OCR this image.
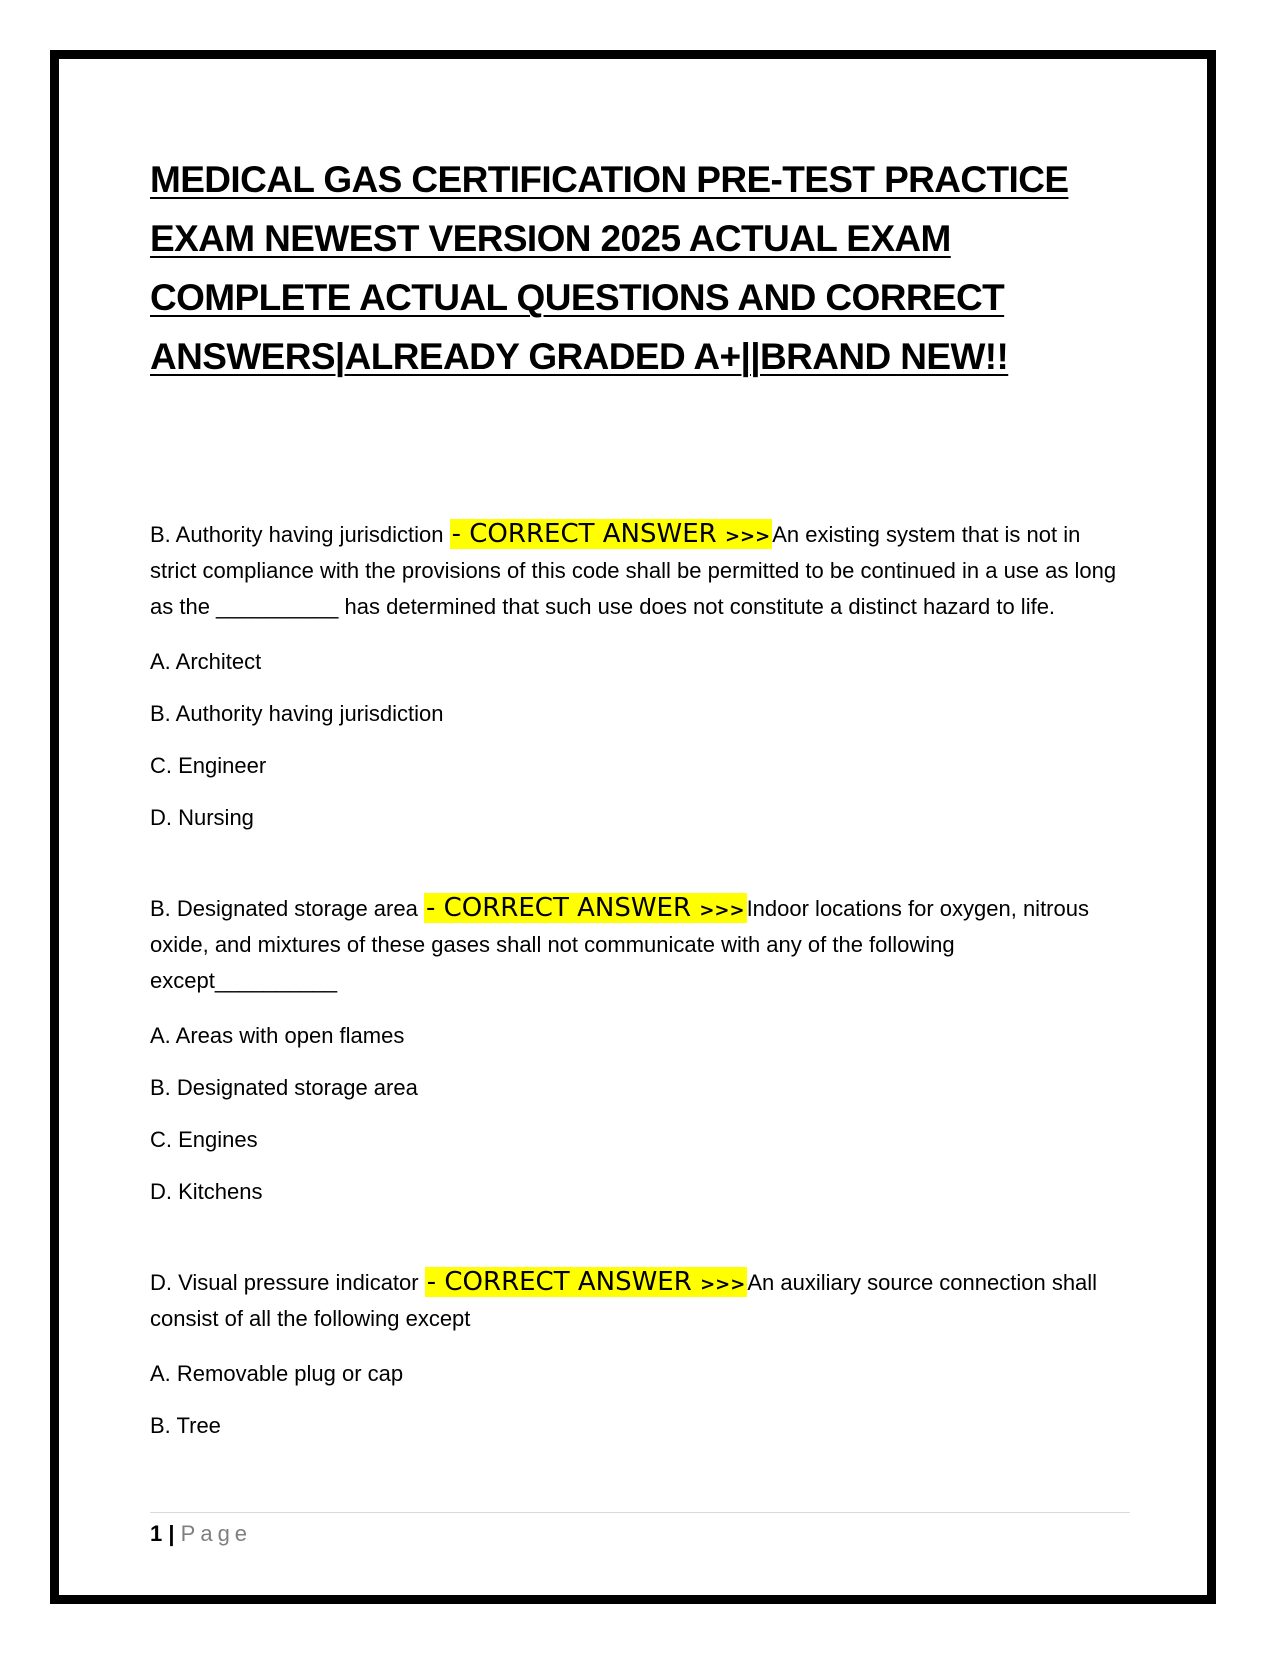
MEDICAL GAS CERTIFICATION PRE-TEST PRACTICE EXAM NEWEST VERSION 2025 ACTUAL EXAM COMPLETE ACTUAL QUESTIONS AND CORRECT ANSWERS|ALREADY GRADED A+||BRAND NEW!!

B. Authority having jurisdiction - CORRECT ANSWER >>>An existing system that is not in strict compliance with the provisions of this code shall be permitted to be continued in a use as long as the __________ has determined that such use does not constitute a distinct hazard to life.

A. Architect

B. Authority having jurisdiction

C. Engineer

D. Nursing

B. Designated storage area - CORRECT ANSWER >>>Indoor locations for oxygen, nitrous oxide, and mixtures of these gases shall not communicate with any of the following except__________

A. Areas with open flames

B. Designated storage area

C. Engines

D. Kitchens

D. Visual pressure indicator - CORRECT ANSWER >>>An auxiliary source connection shall consist of all the following except

A. Removable plug or cap

B. Tree

1 | Page
